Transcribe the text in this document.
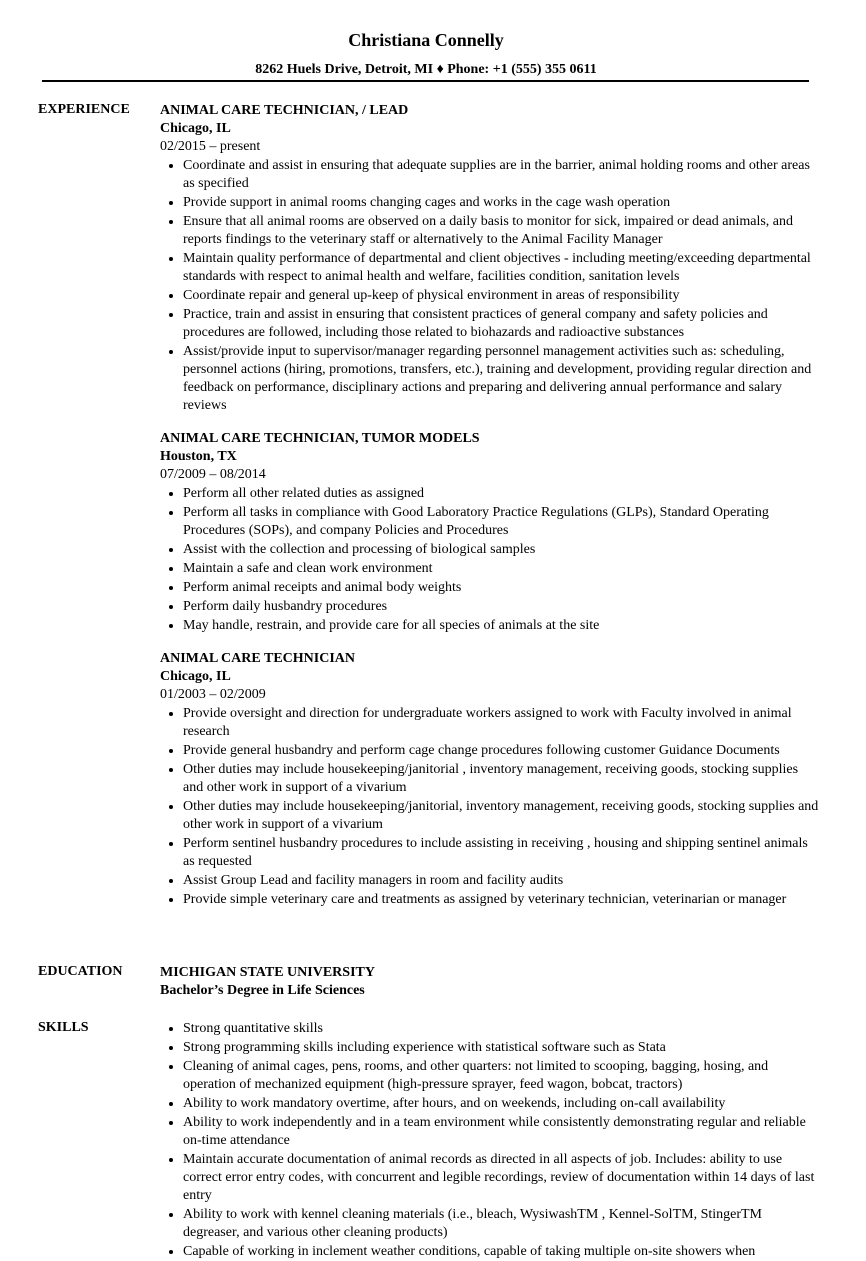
Christiana Connelly
8262 Huels Drive, Detroit, MI ♦ Phone: +1 (555) 355 0611
EXPERIENCE ANIMAL CARE TECHNICIAN, / LEAD
Chicago, IL
02/2015 – present
• Coordinate and assist in ensuring that adequate supplies are in the barrier, animal holding rooms and other areas as specified
• Provide support in animal rooms changing cages and works in the cage wash operation
• Ensure that all animal rooms are observed on a daily basis to monitor for sick, impaired or dead animals, and reports findings to the veterinary staff or alternatively to the Animal Facility Manager
• Maintain quality performance of departmental and client objectives - including meeting/exceeding departmental standards with respect to animal health and welfare, facilities condition, sanitation levels
• Coordinate repair and general up-keep of physical environment in areas of responsibility
• Practice, train and assist in ensuring that consistent practices of general company and safety policies and procedures are followed, including those related to biohazards and radioactive substances
• Assist/provide input to supervisor/manager regarding personnel management activities such as: scheduling, personnel actions (hiring, promotions, transfers, etc.), training and development, providing regular direction and feedback on performance, disciplinary actions and preparing and delivering annual performance and salary reviews
ANIMAL CARE TECHNICIAN, TUMOR MODELS
Houston, TX
07/2009 – 08/2014
• Perform all other related duties as assigned
• Perform all tasks in compliance with Good Laboratory Practice Regulations (GLPs), Standard Operating Procedures (SOPs), and company Policies and Procedures
• Assist with the collection and processing of biological samples
• Maintain a safe and clean work environment
• Perform animal receipts and animal body weights
• Perform daily husbandry procedures
• May handle, restrain, and provide care for all species of animals at the site
ANIMAL CARE TECHNICIAN
Chicago, IL
01/2003 – 02/2009
• Provide oversight and direction for undergraduate workers assigned to work with Faculty involved in animal research
• Provide general husbandry and perform cage change procedures following customer Guidance Documents
• Other duties may include housekeeping/janitorial , inventory management, receiving goods, stocking supplies and other work in support of a vivarium
• Other duties may include housekeeping/janitorial, inventory management, receiving goods, stocking supplies and other work in support of a vivarium
• Perform sentinel husbandry procedures to include assisting in receiving , housing and shipping sentinel animals as requested
• Assist Group Lead and facility managers in room and facility audits
• Provide simple veterinary care and treatments as assigned by veterinary technician, veterinarian or manager
EDUCATION	MICHIGAN STATE UNIVERSITY
Bachelor’s Degree in Life Sciences
SKILLS
•	Strong quantitative skills
• Strong programming skills including experience with statistical software such as Stata
• Cleaning of animal cages, pens, rooms, and other quarters: not limited to scooping, bagging, hosing, and operation of mechanized equipment (high-pressure sprayer, feed wagon, bobcat, tractors)
• Ability to work mandatory overtime, after hours, and on weekends, including on-call availability
• Ability to work independently and in a team environment while consistently demonstrating regular and reliable on-time attendance
• Maintain accurate documentation of animal records as directed in all aspects of job. Includes: ability to use correct error entry codes, with concurrent and legible recordings, review of documentation within 14 days of last entry
• Ability to work with kennel cleaning materials (i.e., bleach, WysiwashTM , Kennel-SolTM, StingerTM degreaser, and various other cleaning products)
• Capable of working in inclement weather conditions, capable of taking multiple on-site showers when
